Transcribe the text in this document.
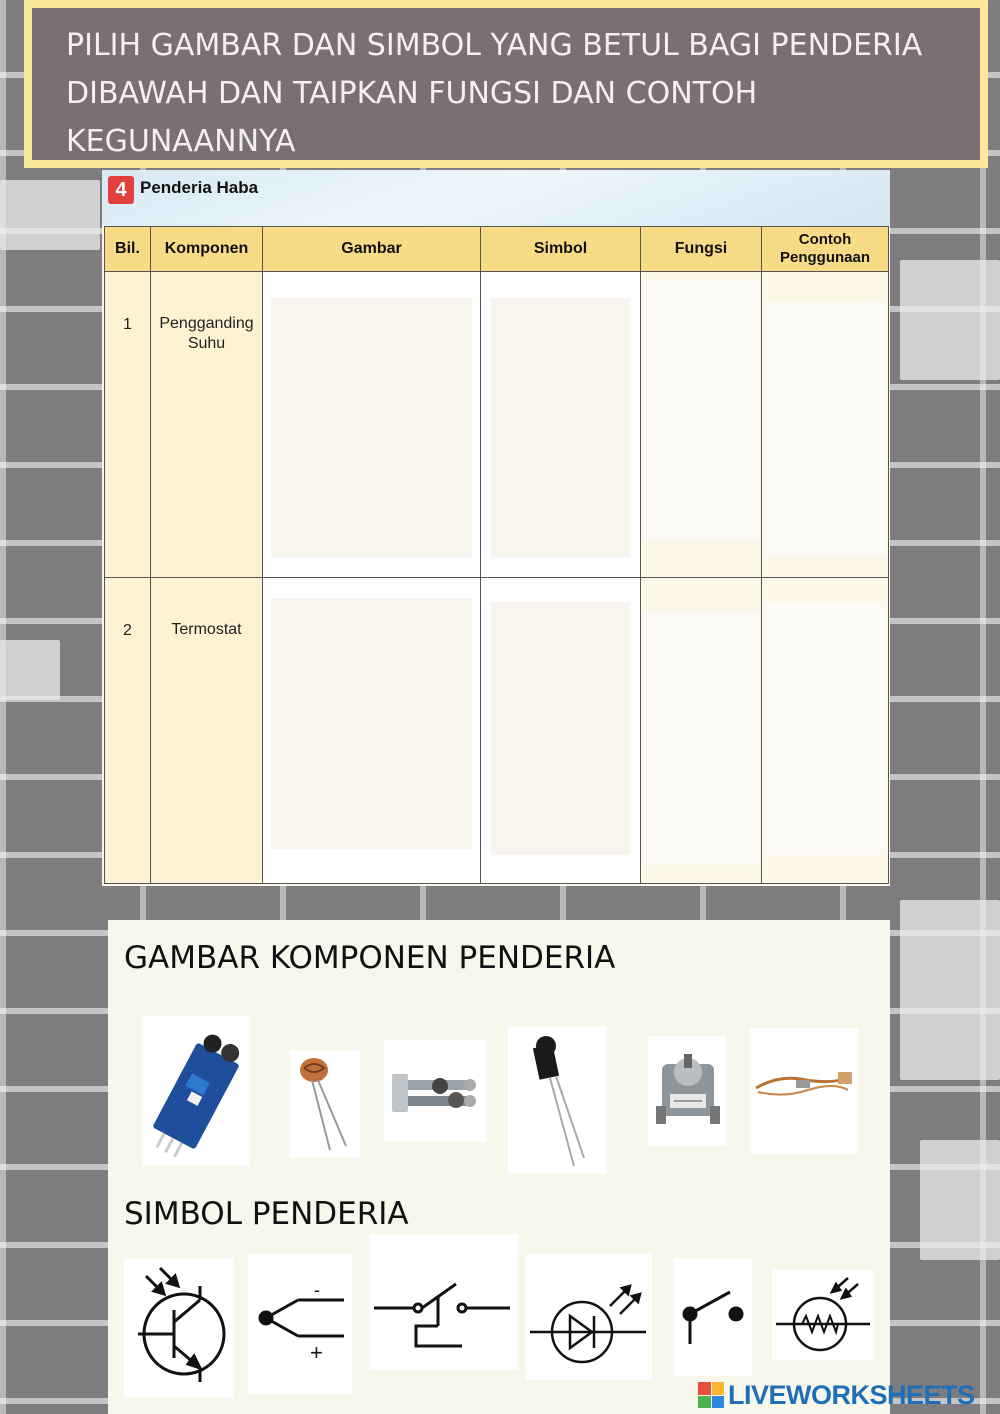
PILIH GAMBAR DAN SIMBOL YANG BETUL BAGI PENDERIA
DIBAWAH DAN TAIPKAN FUNGSI DAN CONTOH
KEGUNAANNYA
4 Penderia Haba
Bil.	Komponen	Gambar	Simbol	Fungsi	Contoh
Penggunaan

1	Pengganding
Suhu				

2	Termostat				

GAMBAR KOMPONEN PENDERIA
SIMBOL PENDERIA
-
+
LIVEWORKSHEETS
